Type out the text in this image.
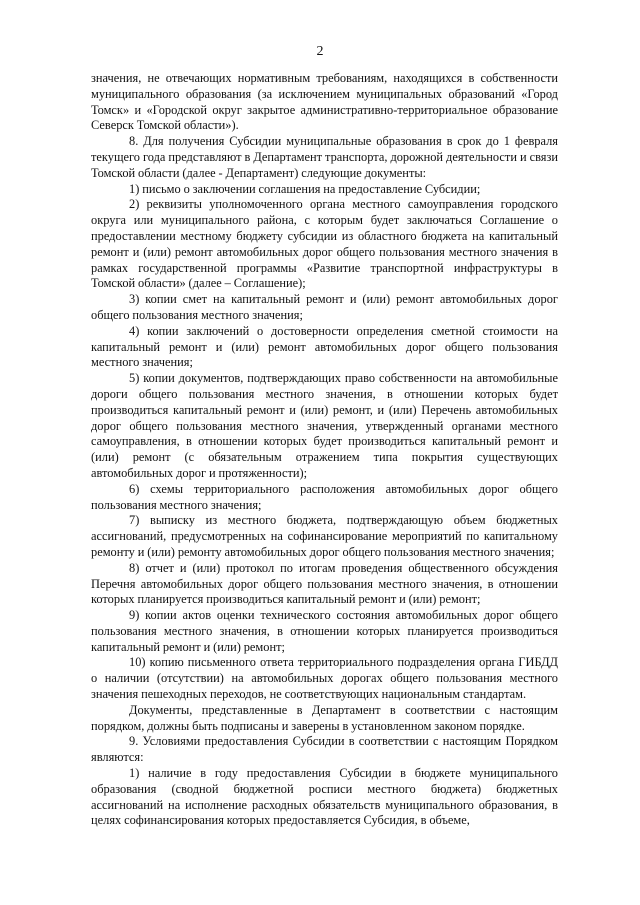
2

значения, не отвечающих нормативным требованиям, находящихся в собственности муниципального образования (за исключением муниципальных образований «Город Томск» и «Городской округ закрытое административно-территориальное образование Северск Томской области»).

8. Для получения Субсидии муниципальные образования в срок до 1 февраля текущего года представляют в Департамент транспорта, дорожной деятельности и связи Томской области (далее - Департамент) следующие документы:

1) письмо о заключении соглашения на предоставление Субсидии;

2) реквизиты уполномоченного органа местного самоуправления городского округа или муниципального района, с которым будет заключаться Соглашение о предоставлении местному бюджету субсидии из областного бюджета на капитальный ремонт и (или) ремонт автомобильных дорог общего пользования местного значения в рамках государственной программы «Развитие транспортной инфраструктуры в Томской области» (далее – Соглашение);

3) копии смет на капитальный ремонт и (или) ремонт автомобильных дорог общего пользования местного значения;

4) копии заключений о достоверности определения сметной стоимости на капитальный ремонт и (или) ремонт автомобильных дорог общего пользования местного значения;

5) копии документов, подтверждающих право собственности на автомобильные дороги общего пользования местного значения, в отношении которых будет производиться капитальный ремонт и (или) ремонт, и (или) Перечень автомобильных дорог общего пользования местного значения, утвержденный органами местного самоуправления, в отношении которых будет производиться капитальный ремонт и (или) ремонт (с обязательным отражением типа покрытия существующих автомобильных дорог и протяженности);

6) схемы территориального расположения автомобильных дорог общего пользования местного значения;

7) выписку из местного бюджета, подтверждающую объем бюджетных ассигнований, предусмотренных на софинансирование мероприятий по капитальному ремонту и (или) ремонту автомобильных дорог общего пользования местного значения;

8) отчет и (или) протокол по итогам проведения общественного обсуждения Перечня автомобильных дорог общего пользования местного значения, в отношении которых планируется производиться капитальный ремонт и (или) ремонт;

9) копии актов оценки технического состояния автомобильных дорог общего пользования местного значения, в отношении которых планируется производиться капитальный ремонт и (или) ремонт;

10) копию письменного ответа территориального подразделения органа ГИБДД о наличии (отсутствии) на автомобильных дорогах общего пользования местного значения пешеходных переходов, не соответствующих национальным стандартам.

Документы, представленные в Департамент в соответствии с настоящим порядком, должны быть подписаны и заверены в установленном законом порядке.

9. Условиями предоставления Субсидии в соответствии с настоящим Порядком являются:

1) наличие в году предоставления Субсидии в бюджете муниципального образования (сводной бюджетной росписи местного бюджета) бюджетных ассигнований на исполнение расходных обязательств муниципального образования, в целях софинансирования которых предоставляется Субсидия, в объеме,
